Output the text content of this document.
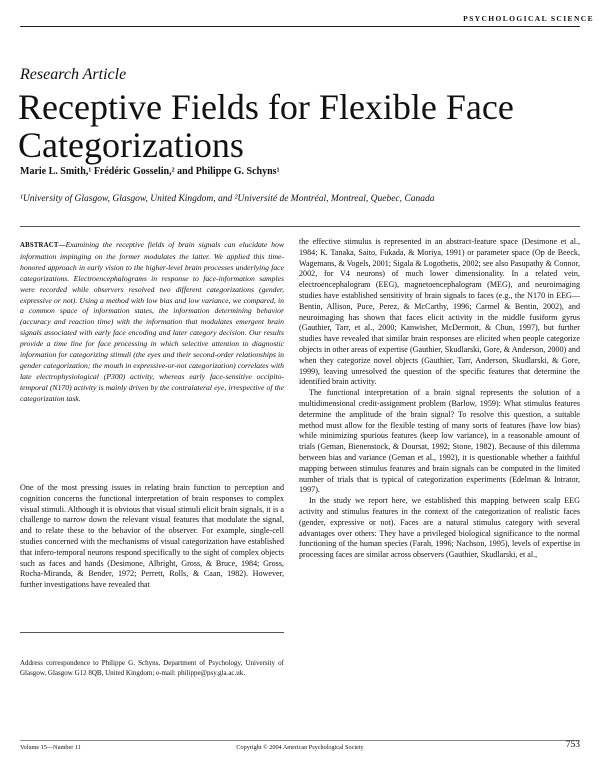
PSYCHOLOGICAL SCIENCE
Research Article
Receptive Fields for Flexible Face Categorizations
Marie L. Smith,¹ Frédéric Gosselin,² and Philippe G. Schyns¹
¹University of Glasgow, Glasgow, United Kingdom, and ²Université de Montréal, Montreal, Quebec, Canada

ABSTRACT—Examining the receptive fields of brain signals can elucidate how information impinging on the former modulates the latter. We applied this time-honored approach in early vision to the higher-level brain processes underlying face categorizations. Electroencephalograms in response to face-information samples were recorded while observers resolved two different categorizations (gender, expressive or not). Using a method with low bias and low variance, we compared, in a common space of information states, the information determining behavior (accuracy and reaction time) with the information that modulates emergent brain signals associated with early face encoding and later category decision. Our results provide a time line for face processing in which selective attention to diagnostic information for categorizing stimuli (the eyes and their second-order relationships in gender categorization; the mouth in expressive-or-not categorization) correlates with late electrophysiological (P300) activity, whereas early face-sensitive occipito-temporal (N170) activity is mainly driven by the contralateral eye, irrespective of the categorization task.

One of the most pressing issues in relating brain function to perception and cognition concerns the functional interpretation of brain responses to complex visual stimuli. Although it is obvious that visual stimuli elicit brain signals, it is a challenge to narrow down the relevant visual features that modulate the signal, and to relate these to the behavior of the observer. For example, single-cell studies concerned with the mechanisms of visual categorization have established that infero-temporal neurons respond specifically to the sight of complex objects such as faces and hands (Desimone, Albright, Gross, & Bruce, 1984; Gross, Rocha-Miranda, & Bender, 1972; Perrett, Rolls, & Caan, 1982). However, further investigations have revealed that

Address correspondence to Philippe G. Schyns, Department of Psychology, University of Glasgow, Glasgow G12 8QB, United Kingdom; e-mail: philippe@psy.gla.ac.uk.

the effective stimulus is represented in an abstract-feature space (Desimone et al., 1984; K. Tanaka, Saito, Fukada, & Moriya, 1991) or parameter space (Op de Beeck, Wagemans, & Vogels, 2001; Sigala & Logothetis, 2002; see also Pasupathy & Connor, 2002, for V4 neurons) of much lower dimensionality. In a related vein, electroencephalogram (EEG), magnetoencephalogram (MEG), and neuroimaging studies have established sensitivity of brain signals to faces (e.g., the N170 in EEG—Bentin, Allison, Puce, Perez, & McCarthy, 1996; Carmel & Bentin, 2002), and neuroimaging has shown that faces elicit activity in the middle fusiform gyrus (Gauthier, Tarr, et al., 2000; Kanwisher, McDermott, & Chun, 1997), but further studies have revealed that similar brain responses are elicited when people categorize objects in other areas of expertise (Gauthier, Skudlarski, Gore, & Anderson, 2000) and when they categorize novel objects (Gauthier, Tarr, Anderson, Skudlarski, & Gore, 1999), leaving unresolved the question of the specific features that determine the identified brain activity.

The functional interpretation of a brain signal represents the solution of a multidimensional credit-assignment problem (Barlow, 1959): What stimulus features determine the amplitude of the brain signal? To resolve this question, a suitable method must allow for the flexible testing of many sorts of features (have low bias) while minimizing spurious features (keep low variance), in a reasonable amount of trials (Geman, Bienenstock, & Doursat, 1992; Stone, 1982). Because of this dilemma between bias and variance (Geman et al., 1992), it is questionable whether a faithful mapping between stimulus features and brain signals can be computed in the limited number of trials that is typical of categorization experiments (Edelman & Intrator, 1997).

In the study we report here, we established this mapping between scalp EEG activity and stimulus features in the context of the categorization of realistic faces (gender, expressive or not). Faces are a natural stimulus category with several advantages over others: They have a privileged biological significance to the normal functioning of the human species (Farah, 1996; Nachson, 1995), levels of expertise in processing faces are similar across observers (Gauthier, Skudlarski, et al.,

Volume 15—Number 11	Copyright © 2004 American Psychological Society	753
